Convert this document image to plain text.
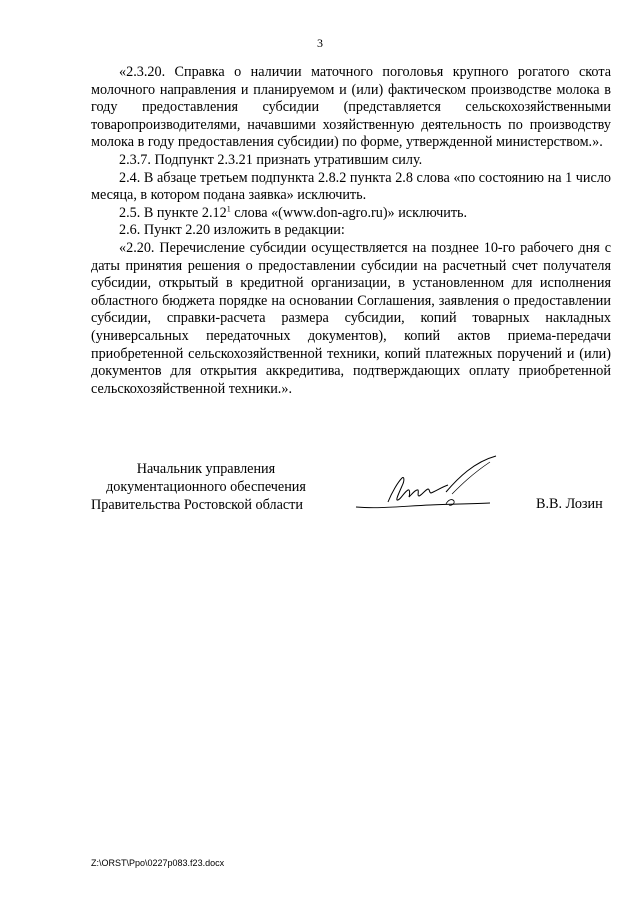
3

«2.3.20. Справка о наличии маточного поголовья крупного рогатого скота молочного направления и планируемом и (или) фактическом производстве молока в году предоставления субсидии (представляется сельскохозяйственными товаропроизводителями, начавшими хозяйственную деятельность по производству молока в году предоставления субсидии) по форме, утвержденной министерством.».

2.3.7. Подпункт 2.3.21 признать утратившим силу.

2.4. В абзаце третьем подпункта 2.8.2 пункта 2.8 слова «по состоянию на 1 число месяца, в котором подана заявка» исключить.

2.5. В пункте 2.12$^1$ слова «(www.don-agro.ru)» исключить.

2.6. Пункт 2.20 изложить в редакции:

«2.20. Перечисление субсидии осуществляется на позднее 10-го рабочего дня с даты принятия решения о предоставлении субсидии на расчетный счет получателя субсидии, открытый в кредитной организации, в установленном для исполнения областного бюджета порядке на основании Соглашения, заявления о предоставлении субсидии, справки-расчета размера субсидии, копий товарных накладных (универсальных передаточных документов), копий актов приема-передачи приобретенной сельскохозяйственной техники, копий платежных поручений и (или) документов для открытия аккредитива, подтверждающих оплату приобретенной сельскохозяйственной техники.».

Начальник управления
документационного обеспечения
Правительства Ростовской области	В.В. Лозин
Z:\ORST\Ppo\0227p083.f23.docx
